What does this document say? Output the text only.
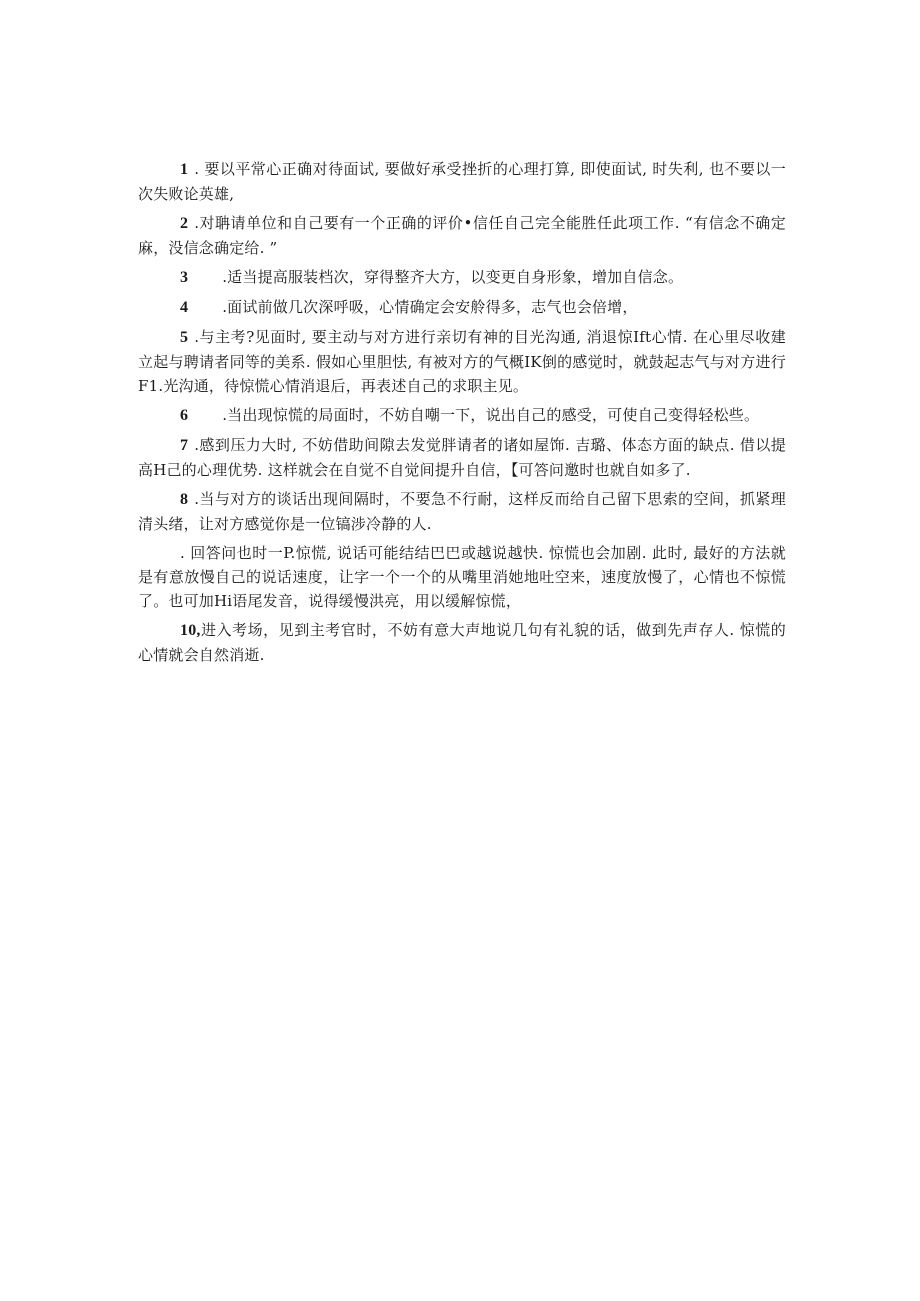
1 . 要以平常心正确对待面试, 要做好承受挫折的心理打算, 即使面试, 时失利, 也不要以一次失败论英雄,

2 .对聃请单位和自己要有一个正确的评价•信任自己完全能胜任此项工作. “有信念不确定麻，没信念确定给. ”

3 .适当提高服装档次，穿得整齐大方，以变更自身形象，增加自信念。

4 .面试前做几次深呼吸，心情确定会安舲得多，志气也会倍增，

5 .与主考?见面时, 要主动与对方进行亲切有神的目光沟通, 消退惊Ift心情. 在心里尽收建立起与聘请者同等的美系. 假如心里胆怯, 有被对方的气概IK倒的感觉时，就鼓起志气与对方进行F1.光沟通，待惊慌心情消退后，再表述自己的求职主见。

6 .当出现惊慌的局面时，不妨自嘲一下，说出自己的感受，可使自己变得轻松些。

7 .感到压力大时, 不妨借助间隙去发觉胖请者的诸如屋饰. 吉璐、体态方面的缺点. 借以提高H己的心理优势. 这样就会在自觉不自觉间提升自信，【可答问邀时也就自如多了.

8 .当与对方的谈话出现间隔时，不要急不行耐，这样反而给自己留下思索的空间，抓紧理清头绪，让对方感觉你是一位镐涉冷静的人.

. 回答问也时一P.惊慌, 说话可能结结巴巴或越说越快. 惊慌也会加剧. 此时, 最好的方法就是有意放慢自己的说话速度，让字一个一个的从嘴里消她地吐空来，速度放慢了，心情也不惊慌了。也可加Hi语尾发音，说得缓慢洪亮，用以缓解惊慌，

10,进入考场，见到主考官时，不妨有意大声地说几句有礼貌的话，做到先声存人. 惊慌的心情就会自然消逝.
